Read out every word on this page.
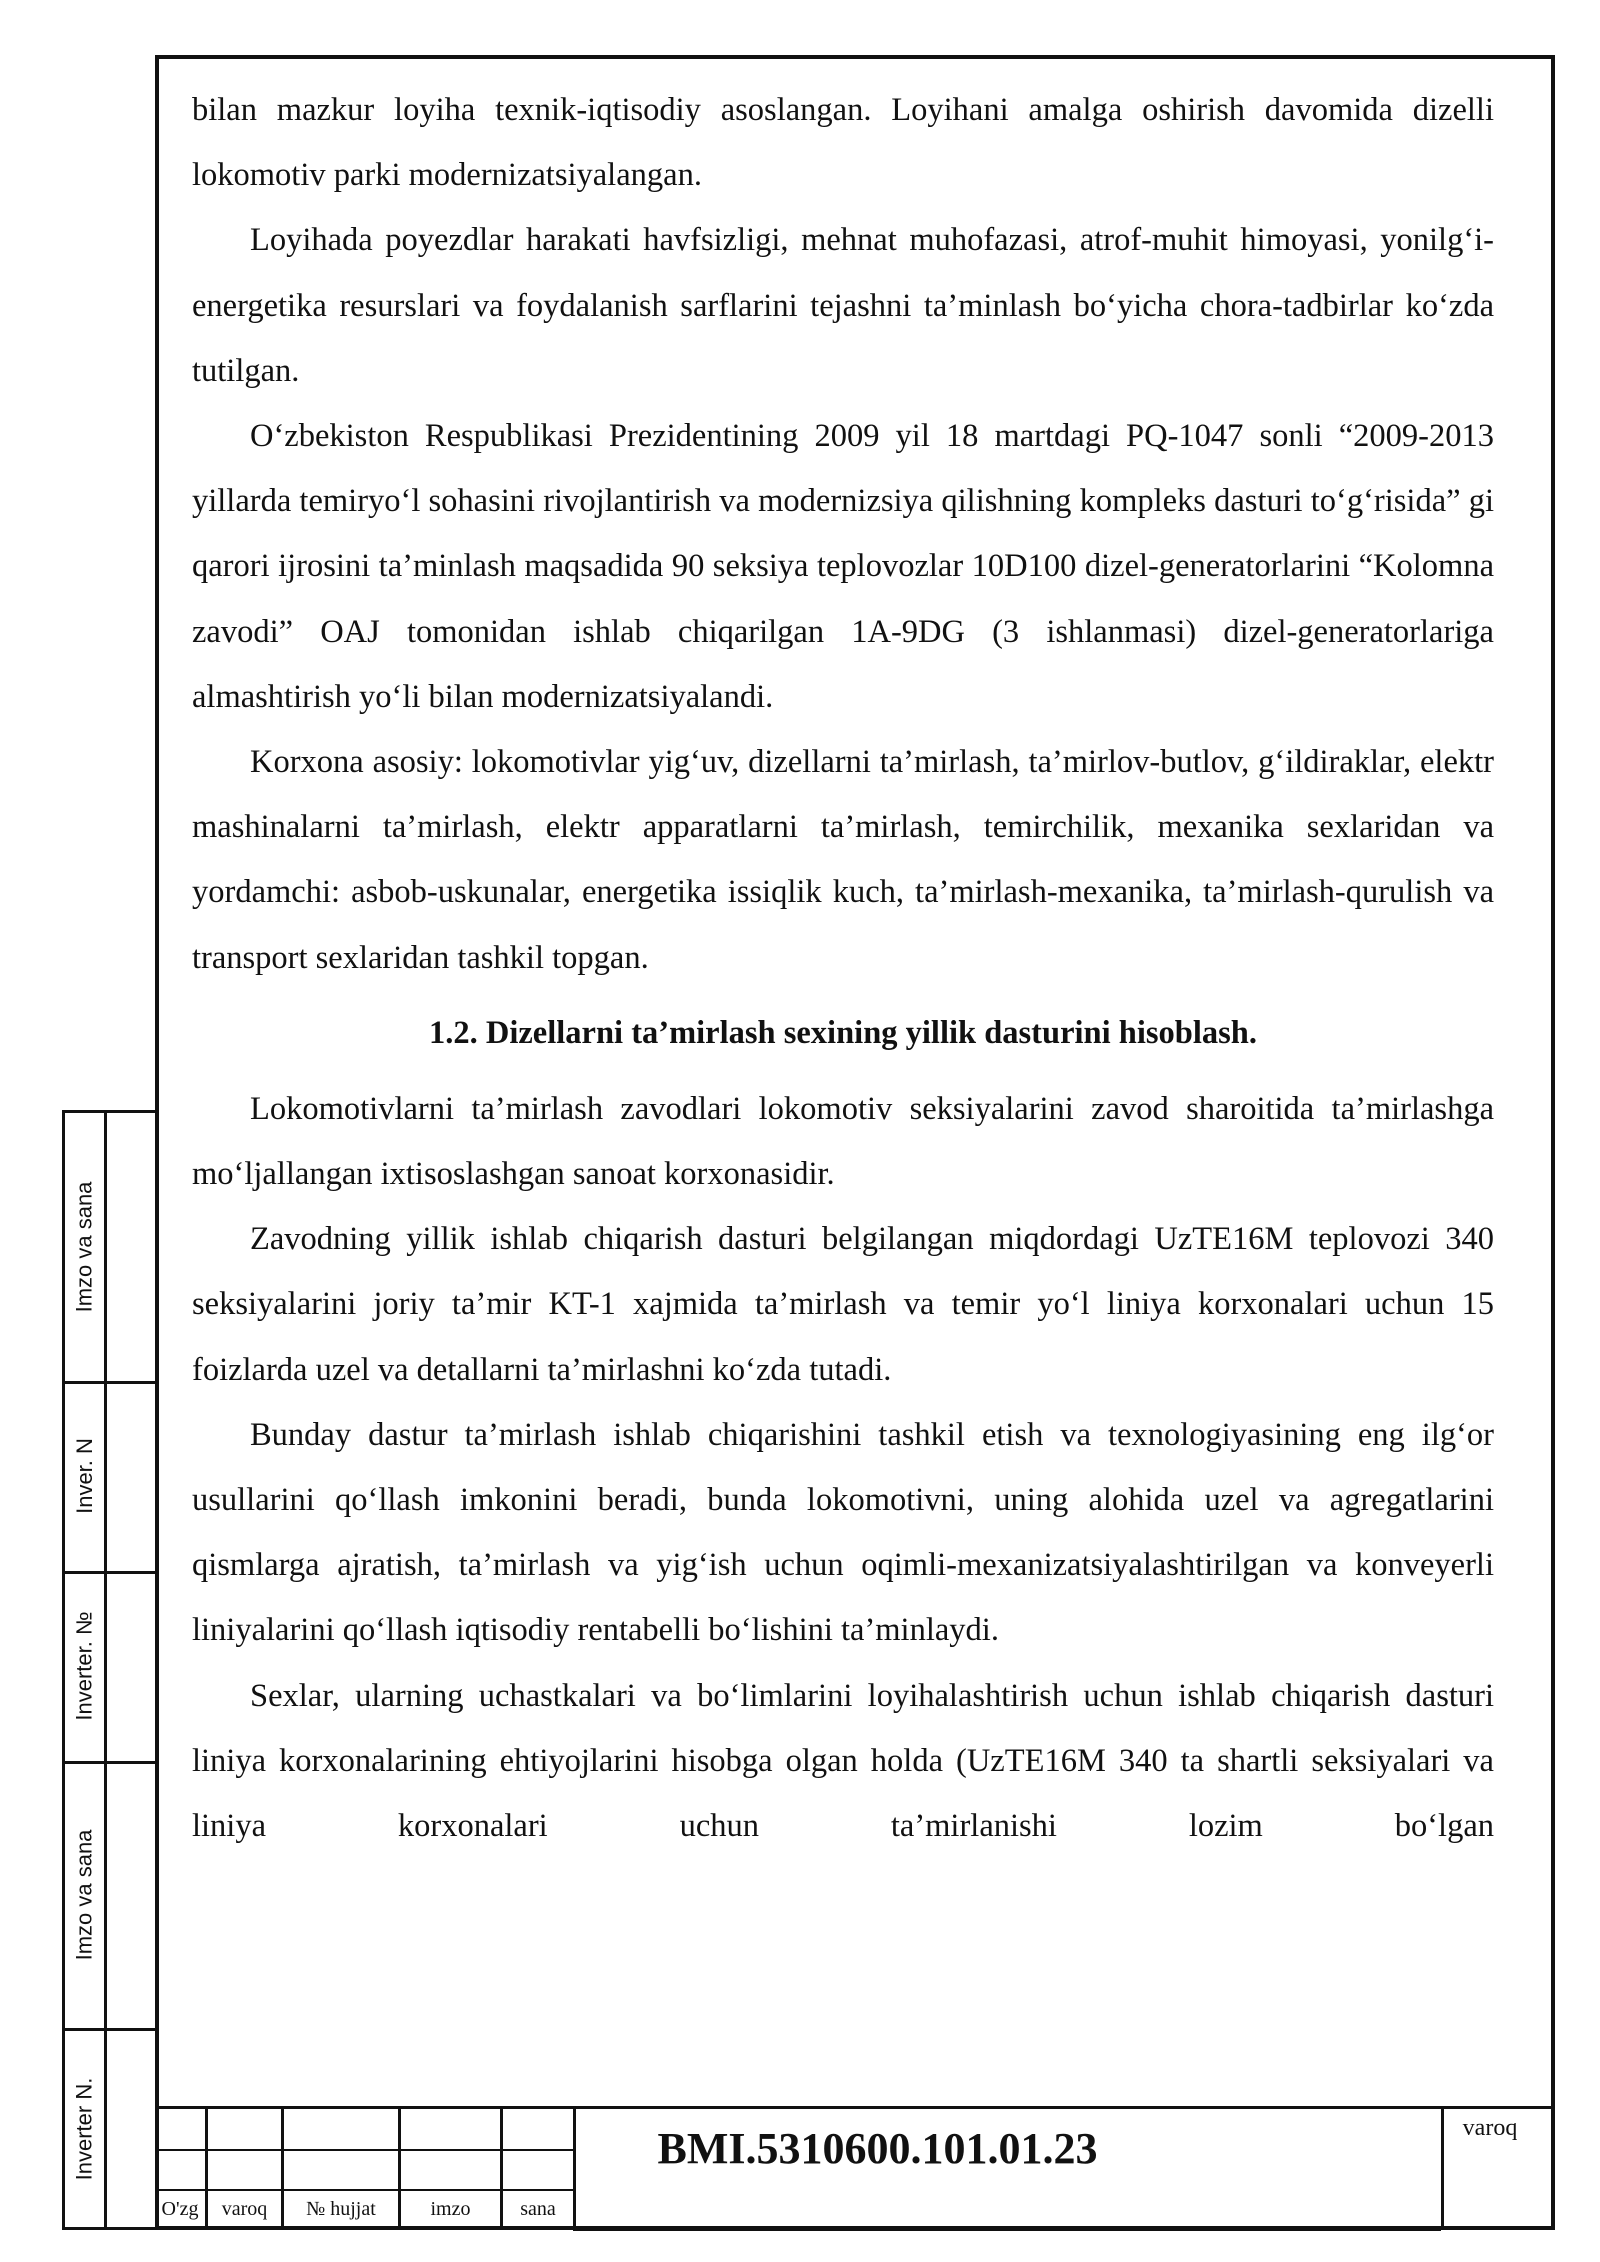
bilan mazkur loyiha texnik-iqtisodiy asoslangan. Loyihani amalga oshirish davomida dizelli lokomotiv parki modernizatsiyalangan.

Loyihada poyezdlar harakati havfsizligi, mehnat muhofazasi, atrof-muhit himoyasi, yonilg‘i-energetika resurslari va foydalanish sarflarini tejashni ta’minlash bo‘yicha chora-tadbirlar ko‘zda tutilgan.

O‘zbekiston Respublikasi Prezidentining 2009 yil 18 martdagi PQ-1047 sonli “2009-2013 yillarda temiryo‘l sohasini rivojlantirish va modernizsiya qilishning kompleks dasturi to‘g‘risida” gi qarori ijrosini ta’minlash maqsadida 90 seksiya teplovozlar 10D100 dizel-generatorlarini “Kolomna zavodi” OAJ tomonidan ishlab chiqarilgan 1A-9DG (3 ishlanmasi) dizel-generatorlariga almashtirish yo‘li bilan modernizatsiyalandi.

Korxona asosiy: lokomotivlar yig‘uv, dizellarni ta’mirlash, ta’mirlov-butlov, g‘ildiraklar, elektr mashinalarni ta’mirlash, elektr apparatlarni ta’mirlash, temirchilik, mexanika sexlaridan va yordamchi: asbob-uskunalar, energetika issiqlik kuch, ta’mirlash-mexanika, ta’mirlash-qurulish va transport sexlaridan tashkil topgan.

1.2. Dizellarni ta’mirlash sexining yillik dasturini hisoblash.

Lokomotivlarni ta’mirlash zavodlari lokomotiv seksiyalarini zavod sharoitida ta’mirlashga mo‘ljallangan ixtisoslashgan sanoat korxonasidir.

Zavodning yillik ishlab chiqarish dasturi belgilangan miqdordagi UzTE16M teplovozi 340 seksiyalarini joriy ta’mir KT-1 xajmida ta’mirlash va temir yo‘l liniya korxonalari uchun 15 foizlarda uzel va detallarni ta’mirlashni ko‘zda tutadi.

Bunday dastur ta’mirlash ishlab chiqarishini tashkil etish va texnologiyasining eng ilg‘or usullarini qo‘llash imkonini beradi, bunda lokomotivni, uning alohida uzel va agregatlarini qismlarga ajratish, ta’mirlash va yig‘ish uchun oqimli-mexanizatsiyalashtirilgan va konveyerli liniyalarini qo‘llash iqtisodiy rentabelli bo‘lishini ta’minlaydi.

Sexlar, ularning uchastkalari va bo‘limlarini loyihalashtirish uchun ishlab chiqarish dasturi liniya korxonalarining ehtiyojlarini hisobga olgan holda (UzTE16M 340 ta shartli seksiyalari va liniya korxonalari uchun ta’mirlanishi lozim bo‘lgan

Imzo va sana
Inver. N
Inverter. №
Imzo va sana
Inverter N.
O'zg	varoq	№ hujjat	imzo	sana
BMI.5310600.101.01.23	varoq
